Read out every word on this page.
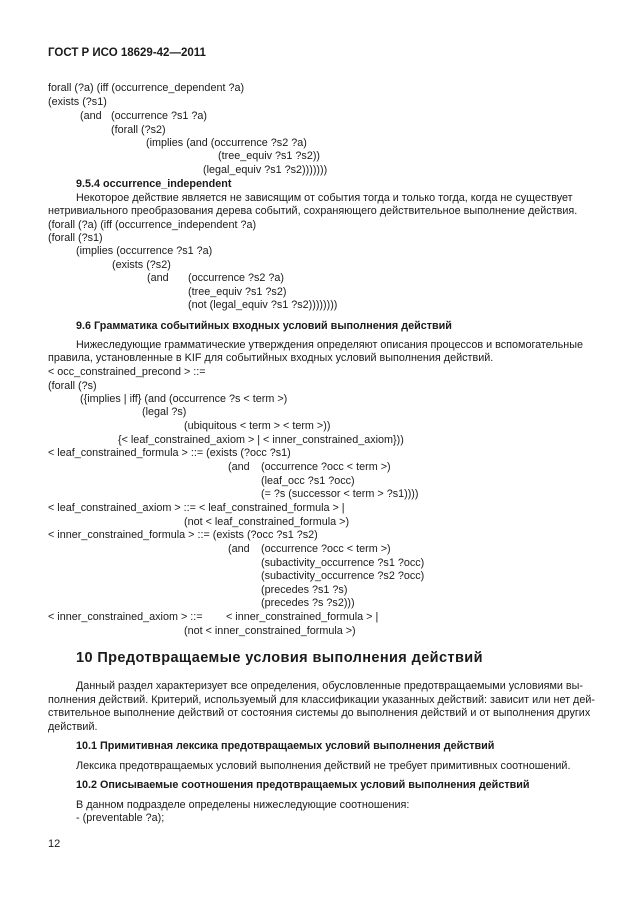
ГОСТ Р ИСО 18629-42—2011
forall (?a) (iff (occurrence_dependent ?a)
(exists (?s1)
(and (occurrence ?s1 ?a)
(forall (?s2)
(implies (and (occurrence ?s2 ?a)
(tree_equiv ?s1 ?s2))
(legal_equiv ?s1 ?s2)))))))
9.5.4 occurrence_independent
Некоторое действие является не зависящим от события тогда и только тогда, когда не существует
нетривиального преобразования дерева событий, сохраняющего действительное выполнение действия.
(forall (?a) (iff (occurrence_independent ?a)
(forall (?s1)
(implies (occurrence ?s1 ?a)
(exists (?s2)
(and (occurrence ?s2 ?a)
(tree_equiv ?s1 ?s2)
(not (legal_equiv ?s1 ?s2))))))))
9.6 Грамматика событийных входных условий выполнения действий
Нижеследующие грамматические утверждения определяют описания процессов и вспомогательные
правила, установленные в KIF для событийных входных условий выполнения действий.
< occ_constrained_precond > ::=
(forall (?s)
({implies | iff} (and (occurrence ?s < term >)
(legal ?s)
(ubiquitous < term > < term >))
{< leaf_constrained_axiom > | < inner_constrained_axiom}))
< leaf_constrained_formula > ::= (exists (?occ ?s1)
(and (occurrence ?occ < term >)
(leaf_occ ?s1 ?occ)
(= ?s (successor < term > ?s1))))
< leaf_constrained_axiom > ::= < leaf_constrained_formula > |
(not < leaf_constrained_formula >)
< inner_constrained_formula > ::= (exists (?occ ?s1 ?s2)
(and (occurrence ?occ < term >)
(subactivity_occurrence ?s1 ?occ)
(subactivity_occurrence ?s2 ?occ)
(precedes ?s1 ?s)
(precedes ?s ?s2)))
< inner_constrained_axiom > ::= < inner_constrained_formula > |
(not < inner_constrained_formula >)
10 Предотвращаемые условия выполнения действий
Данный раздел характеризует все определения, обусловленные предотвращаемыми условиями вы-
полнения действий. Критерий, используемый для классификации указанных действий: зависит или нет дей-
ствительное выполнение действий от состояния системы до выполнения действий и от выполнения других
действий.
10.1 Примитивная лексика предотвращаемых условий выполнения действий
Лексика предотвращаемых условий выполнения действий не требует примитивных соотношений.
10.2 Описываемые соотношения предотвращаемых условий выполнения действий
В данном подразделе определены нижеследующие соотношения:
- (preventable ?a);
12
